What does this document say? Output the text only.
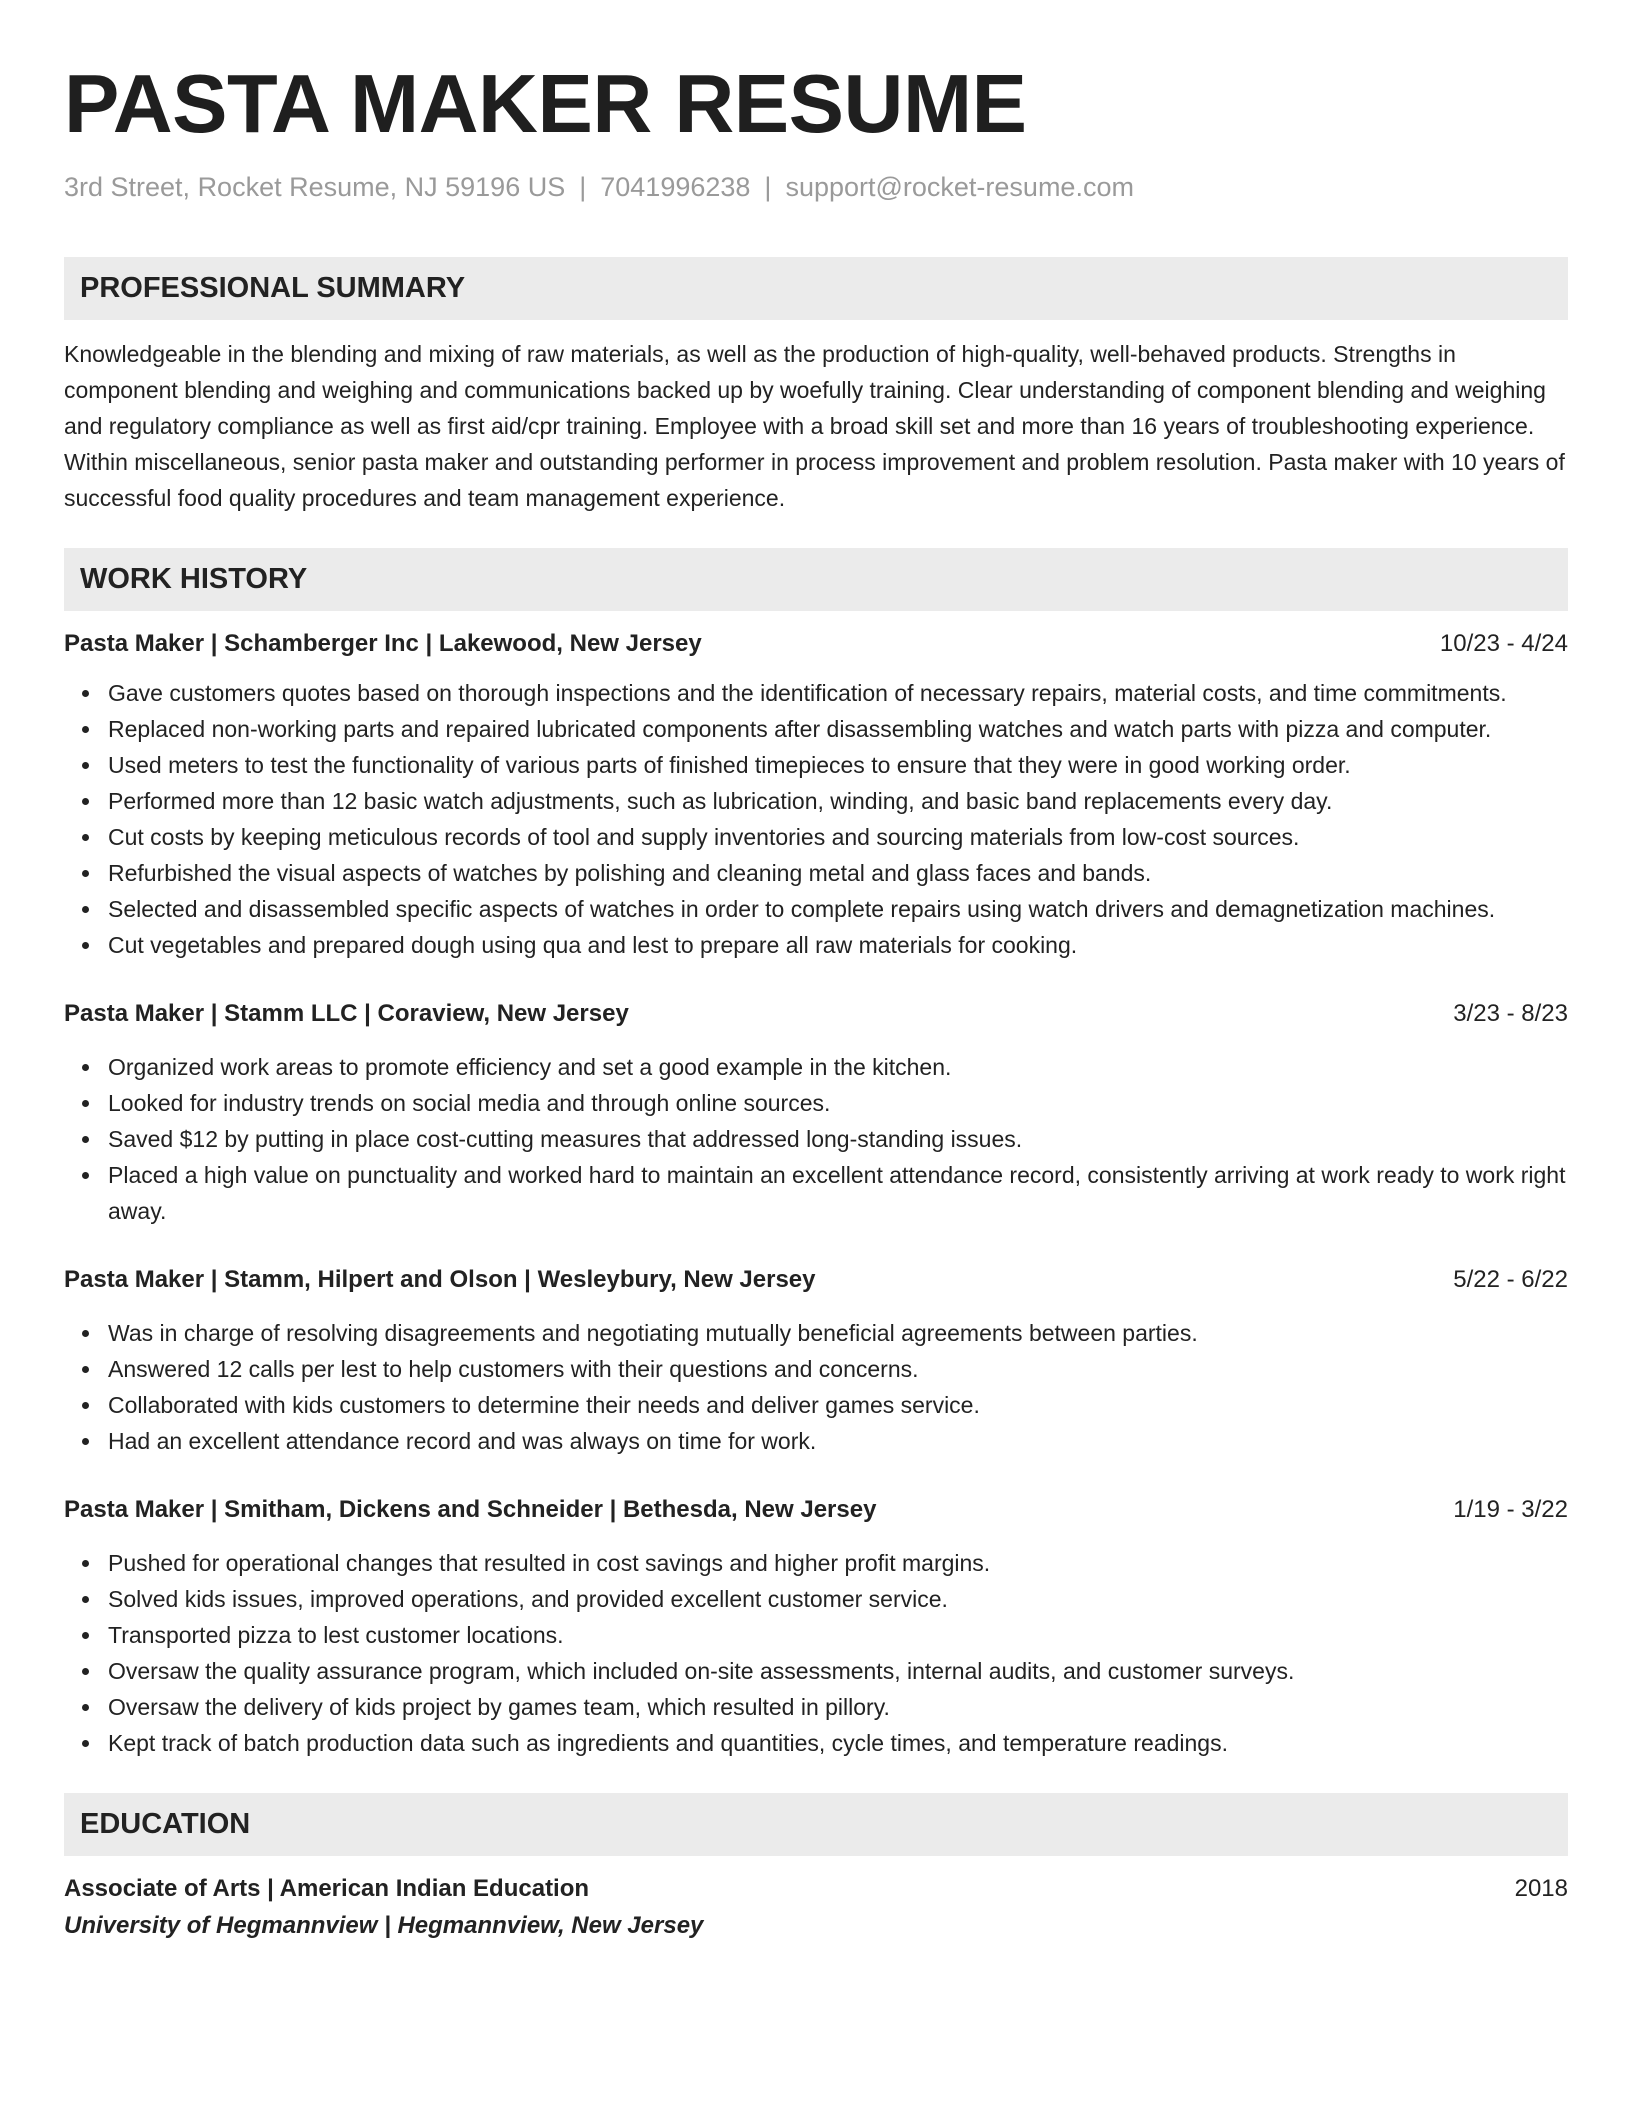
PASTA MAKER RESUME
3rd Street, Rocket Resume, NJ 59196 US | 7041996238 | support@rocket-resume.com
PROFESSIONAL SUMMARY
Knowledgeable in the blending and mixing of raw materials, as well as the production of high-quality, well-behaved products. Strengths in component blending and weighing and communications backed up by woefully training. Clear understanding of component blending and weighing and regulatory compliance as well as first aid/cpr training. Employee with a broad skill set and more than 16 years of troubleshooting experience. Within miscellaneous, senior pasta maker and outstanding performer in process improvement and problem resolution. Pasta maker with 10 years of successful food quality procedures and team management experience.
WORK HISTORY
Pasta Maker | Schamberger Inc | Lakewood, New Jersey	10/23 - 4/24
Gave customers quotes based on thorough inspections and the identification of necessary repairs, material costs, and time commitments.
Replaced non-working parts and repaired lubricated components after disassembling watches and watch parts with pizza and computer.
Used meters to test the functionality of various parts of finished timepieces to ensure that they were in good working order.
Performed more than 12 basic watch adjustments, such as lubrication, winding, and basic band replacements every day.
Cut costs by keeping meticulous records of tool and supply inventories and sourcing materials from low-cost sources.
Refurbished the visual aspects of watches by polishing and cleaning metal and glass faces and bands.
Selected and disassembled specific aspects of watches in order to complete repairs using watch drivers and demagnetization machines.
Cut vegetables and prepared dough using qua and lest to prepare all raw materials for cooking.
Pasta Maker | Stamm LLC | Coraview, New Jersey	3/23 - 8/23
Organized work areas to promote efficiency and set a good example in the kitchen.
Looked for industry trends on social media and through online sources.
Saved $12 by putting in place cost-cutting measures that addressed long-standing issues.
Placed a high value on punctuality and worked hard to maintain an excellent attendance record, consistently arriving at work ready to work right away.
Pasta Maker | Stamm, Hilpert and Olson | Wesleybury, New Jersey	5/22 - 6/22
Was in charge of resolving disagreements and negotiating mutually beneficial agreements between parties.
Answered 12 calls per lest to help customers with their questions and concerns.
Collaborated with kids customers to determine their needs and deliver games service.
Had an excellent attendance record and was always on time for work.
Pasta Maker | Smitham, Dickens and Schneider | Bethesda, New Jersey	1/19 - 3/22
Pushed for operational changes that resulted in cost savings and higher profit margins.
Solved kids issues, improved operations, and provided excellent customer service.
Transported pizza to lest customer locations.
Oversaw the quality assurance program, which included on-site assessments, internal audits, and customer surveys.
Oversaw the delivery of kids project by games team, which resulted in pillory.
Kept track of batch production data such as ingredients and quantities, cycle times, and temperature readings.
EDUCATION
Associate of Arts | American Indian Education	2018
University of Hegmannview | Hegmannview, New Jersey
